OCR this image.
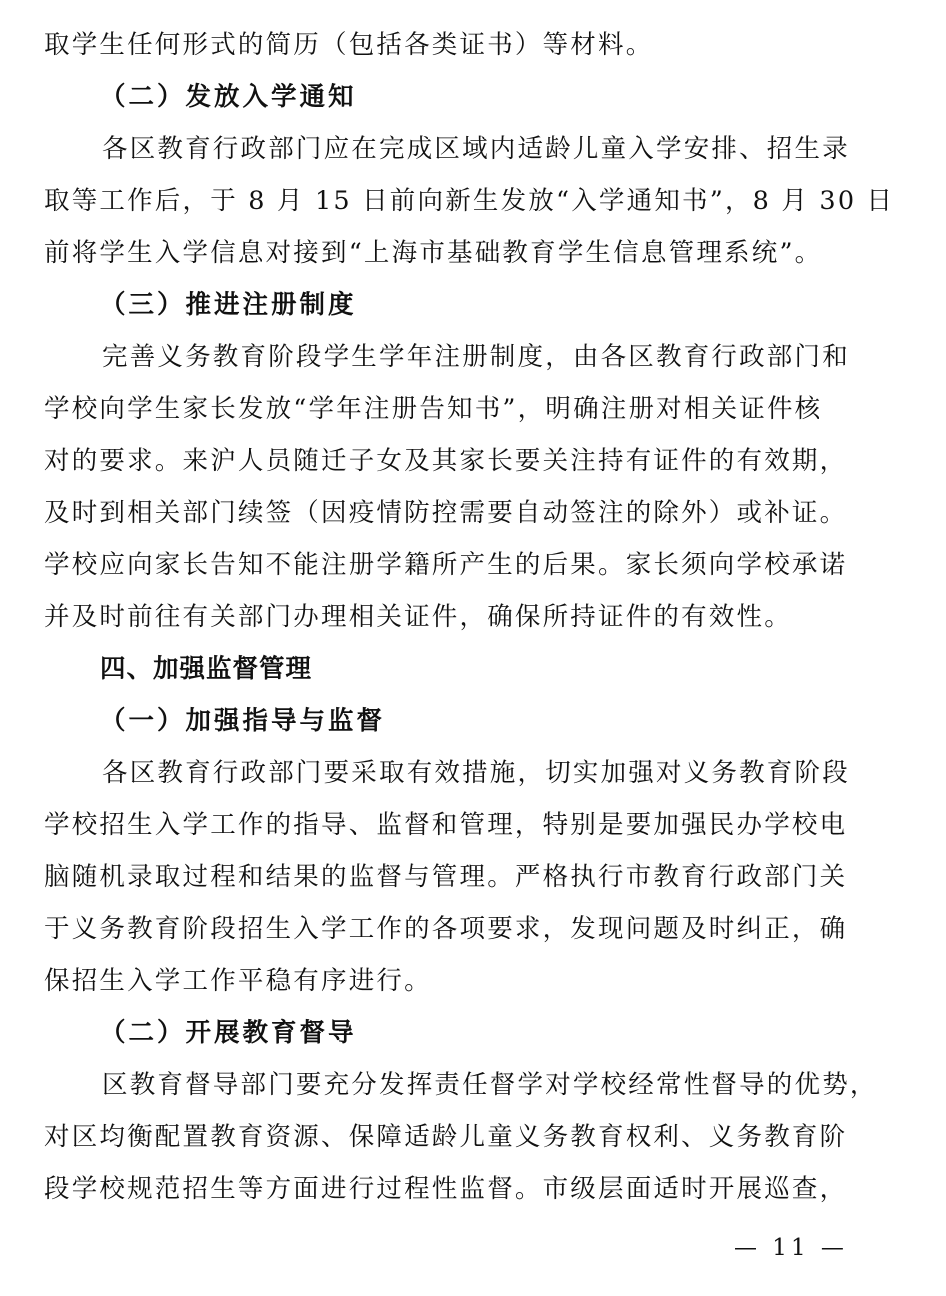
取学生任何形式的简历（包括各类证书）等材料。
（二）发放入学通知
各区教育行政部门应在完成区域内适龄儿童入学安排、招生录
取等工作后，于 8 月 15 日前向新生发放“入学通知书”，8 月 30 日
前将学生入学信息对接到“上海市基础教育学生信息管理系统”。
（三）推进注册制度
完善义务教育阶段学生学年注册制度，由各区教育行政部门和
学校向学生家长发放“学年注册告知书”，明确注册对相关证件核
对的要求。来沪人员随迁子女及其家长要关注持有证件的有效期，
及时到相关部门续签（因疫情防控需要自动签注的除外）或补证。
学校应向家长告知不能注册学籍所产生的后果。家长须向学校承诺
并及时前往有关部门办理相关证件，确保所持证件的有效性。
四、加强监督管理
（一）加强指导与监督
各区教育行政部门要采取有效措施，切实加强对义务教育阶段
学校招生入学工作的指导、监督和管理，特别是要加强民办学校电
脑随机录取过程和结果的监督与管理。严格执行市教育行政部门关
于义务教育阶段招生入学工作的各项要求，发现问题及时纠正，确
保招生入学工作平稳有序进行。
（二）开展教育督导
区教育督导部门要充分发挥责任督学对学校经常性督导的优势，
对区均衡配置教育资源、保障适龄儿童义务教育权利、义务教育阶
段学校规范招生等方面进行过程性监督。市级层面适时开展巡查，
— 11 —
